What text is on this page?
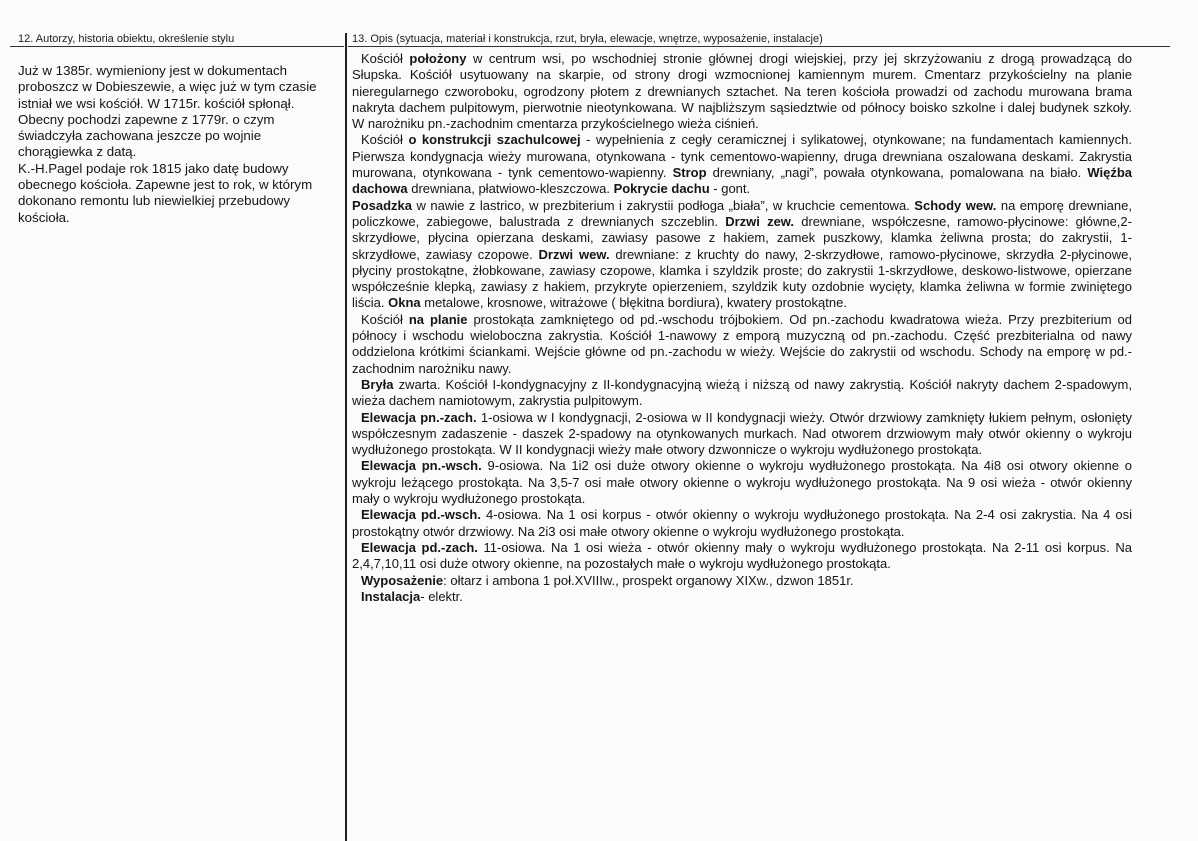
12. Autorzy, historia obiektu, określenie stylu	13. Opis (sytuacja, materiał i konstrukcja, rzut, bryła, elewacje, wnętrze, wyposażenie, instalacje)

Już w 1385r. wymieniony jest w dokumentach proboszcz w Dobieszewie, a więc już w tym czasie istniał we wsi kościół. W 1715r. kościół spłonął. Obecny pochodzi zapewne z 1779r. o czym świadczyła zachowana jeszcze po wojnie chorągiewka z datą.

K.-H.Pagel podaje rok 1815 jako datę budowy obecnego kościoła. Zapewne jest to rok, w którym dokonano remontu lub niewielkiej przebudowy kościoła.

Kościół położony w centrum wsi, po wschodniej stronie głównej drogi wiejskiej, przy jej skrzyżowaniu z drogą prowadzącą do Słupska. Kościół usytuowany na skarpie, od strony drogi wzmocnionej kamiennym murem. Cmentarz przykościelny na planie nieregularnego czworoboku, ogrodzony płotem z drewnianych sztachet. Na teren kościoła prowadzi od zachodu murowana brama nakryta dachem pulpitowym, pierwotnie nieotynkowana. W najbliższym sąsiedztwie od północy boisko szkolne i dalej budynek szkoły. W narożniku pn.-zachodnim cmentarza przykościelnego wieża ciśnień.

Kościół o konstrukcji szachulcowej - wypełnienia z cegły ceramicznej i sylikatowej, otynkowane; na fundamentach kamiennych. Pierwsza kondygnacja wieży murowana, otynkowana - tynk cementowo-wapienny, druga drewniana oszalowana deskami. Zakrystia murowana, otynkowana - tynk cementowo-wapienny. Strop drewniany, „nagi”, powała otynkowana, pomalowana na biało. Więźba dachowa drewniana, płatwiowo-kleszczowa. Pokrycie dachu - gont.

Posadzka w nawie z lastrico, w prezbiterium i zakrystii podłoga „biała”, w kruchcie cementowa. Schody wew. na emporę drewniane, policzkowe, zabiegowe, balustrada z drewnianych szczeblin. Drzwi zew. drewniane, współczesne, ramowo-płycinowe: główne,2-skrzydłowe, płycina opierzana deskami, zawiasy pasowe z hakiem, zamek puszkowy, klamka żeliwna prosta; do zakrystii, 1-skrzydłowe, zawiasy czopowe. Drzwi wew. drewniane: z kruchty do nawy, 2-skrzydłowe, ramowo-płycinowe, skrzydła 2-płycinowe, płyciny prostokątne, żłobkowane, zawiasy czopowe, klamka i szyldzik proste; do zakrystii 1-skrzydłowe, deskowo-listwowe, opierzane współcześnie klepką, zawiasy z hakiem, przykryte opierzeniem, szyldzik kuty ozdobnie wycięty, klamka żeliwna w formie zwiniętego liścia. Okna metalowe, krosnowe, witrażowe ( błękitna bordiura), kwatery prostokątne.

Kościół na planie prostokąta zamkniętego od pd.-wschodu trójbokiem. Od pn.-zachodu kwadratowa wieża. Przy prezbiterium od północy i wschodu wieloboczna zakrystia. Kościół 1-nawowy z emporą muzyczną od pn.-zachodu. Część prezbiterialna od nawy oddzielona krótkimi ściankami. Wejście główne od pn.-zachodu w wieży. Wejście do zakrystii od wschodu. Schody na emporę w pd.-zachodnim narożniku nawy.

Bryła zwarta. Kościół I-kondygnacyjny z II-kondygnacyjną wieżą i niższą od nawy zakrystią. Kościół nakryty dachem 2-spadowym, wieża dachem namiotowym, zakrystia pulpitowym.

Elewacja pn.-zach. 1-osiowa w I kondygnacji, 2-osiowa w II kondygnacji wieży. Otwór drzwiowy zamknięty łukiem pełnym, osłonięty współczesnym zadaszenie - daszek 2-spadowy na otynkowanych murkach. Nad otworem drzwiowym mały otwór okienny o wykroju wydłużonego prostokąta. W II kondygnacji wieży małe otwory dzwonnicze o wykroju wydłużonego prostokąta.

Elewacja pn.-wsch. 9-osiowa. Na 1i2 osi duże otwory okienne o wykroju wydłużonego prostokąta. Na 4i8 osi otwory okienne o wykroju leżącego prostokąta. Na 3,5-7 osi małe otwory okienne o wykroju wydłużonego prostokąta. Na 9 osi wieża - otwór okienny mały o wykroju wydłużonego prostokąta.

Elewacja pd.-wsch. 4-osiowa. Na 1 osi korpus - otwór okienny o wykroju wydłużonego prostokąta. Na 2-4 osi zakrystia. Na 4 osi prostokątny otwór drzwiowy. Na 2i3 osi małe otwory okienne o wykroju wydłużonego prostokąta.

Elewacja pd.-zach. 11-osiowa. Na 1 osi wieża - otwór okienny mały o wykroju wydłużonego prostokąta. Na 2-11 osi korpus. Na 2,4,7,10,11 osi duże otwory okienne, na pozostałych małe o wykroju wydłużonego prostokąta.

Wyposażenie: ołtarz i ambona 1 poł.XVIIIw., prospekt organowy XIXw., dzwon 1851r.

Instalacja- elektr.
